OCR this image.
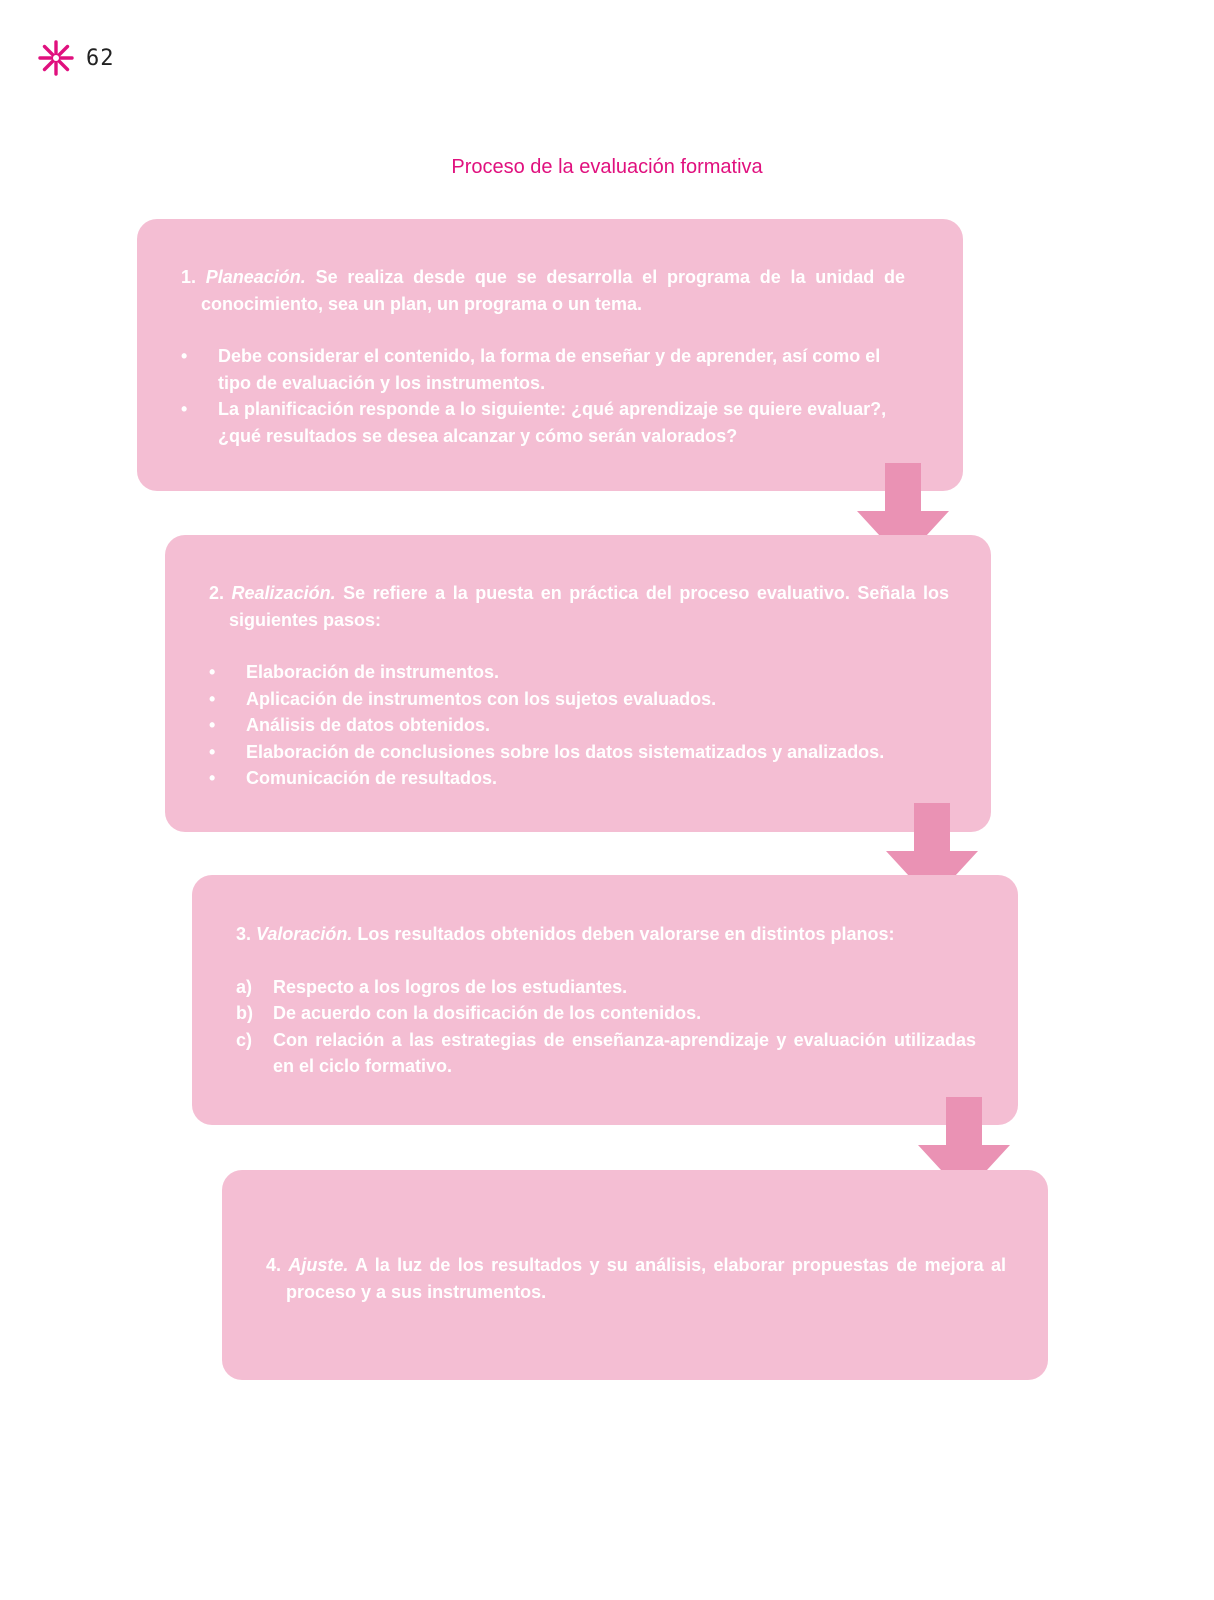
62
Proceso de la evaluación formativa

1. Planeación. Se realiza desde que se desarrolla el programa de la unidad de conocimiento, sea un plan, un programa o un tema.

•	Debe considerar el contenido, la forma de enseñar y de aprender, así como el tipo de evaluación y los instrumentos.
•	La planificación responde a lo siguiente: ¿qué aprendizaje se quiere evaluar?, ¿qué resultados se desea alcanzar y cómo serán valorados?

2. Realización. Se refiere a la puesta en práctica del proceso evaluativo. Señala los siguientes pasos:

•	Elaboración de instrumentos.
•	Aplicación de instrumentos con los sujetos evaluados.
•	Análisis de datos obtenidos.
•	Elaboración de conclusiones sobre los datos sistematizados y analizados.
•	Comunicación de resultados.

3. Valoración. Los resultados obtenidos deben valorarse en distintos planos:

a) Respecto a los logros de los estudiantes.
b) De acuerdo con la dosificación de los contenidos.
c) Con relación a las estrategias de enseñanza-aprendizaje y evaluación utilizadas en el ciclo formativo.

4. Ajuste. A la luz de los resultados y su análisis, elaborar propuestas de mejora al proceso y a sus instrumentos.
